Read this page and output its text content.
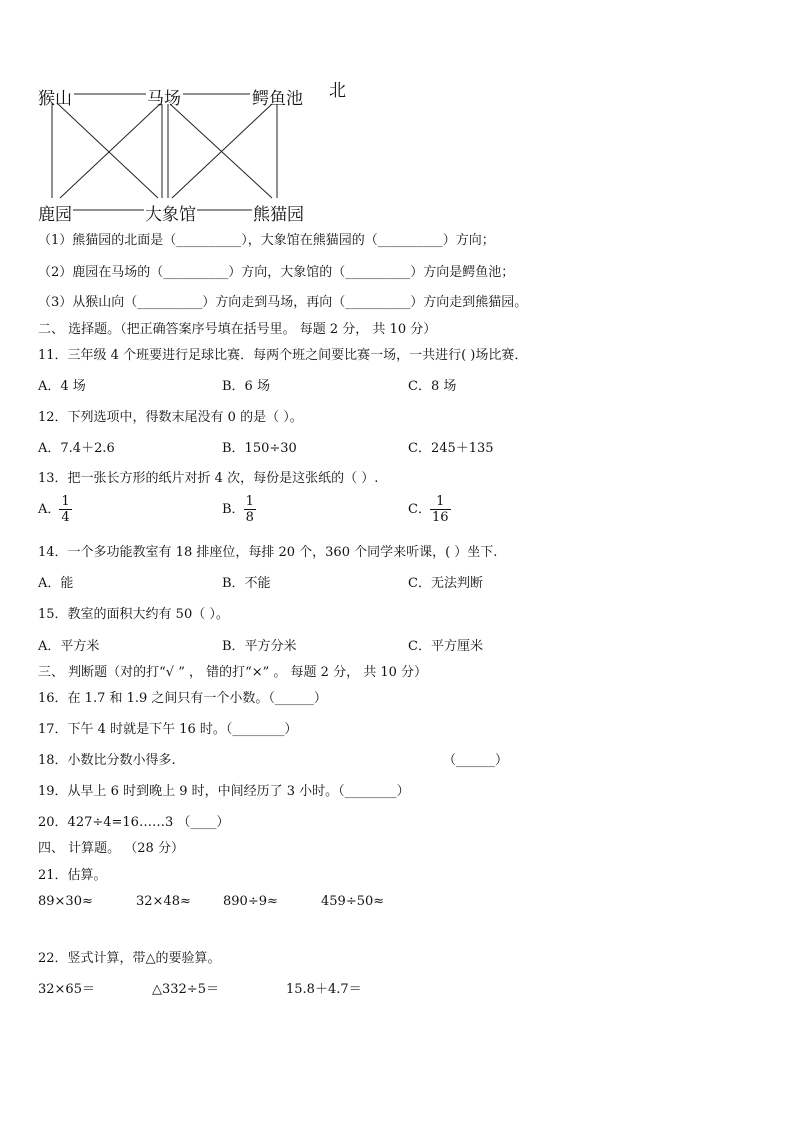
猴山	马场	鳄鱼池 北
鹿园	大象馆	熊猫园
（1）熊猫园的北面是（__________），大象馆在熊猫园的（__________）方向；
（2）鹿园在马场的（__________）方向，大象馆的（__________）方向是鳄鱼池；
（3）从猴山向（__________）方向走到马场，再向（__________）方向走到熊猫园。
二、 选择题。（把正确答案序号填在括号里。 每题 2 分， 共 10 分）
11．三年级 4 个班要进行足球比赛．每两个班之间要比赛一场，一共进行( )场比赛．
A．4 场	B．6 场	C．8 场
12．下列选项中，得数末尾没有 0 的是（ ）。
A．7.4＋2.6	B．150÷30	C．245＋135
13．把一张长方形的纸片对折 4 次，每份是这张纸的（ ）.
A． $\frac{1}{4}$	B． $\frac{1}{8}$	C． $\frac{1}{16}$
14．一个多功能教室有 18 排座位，每排 20 个，360 个同学来听课，( ）坐下.
A．能	B．不能	C．无法判断
15．教室的面积大约有 50（ ）。
A．平方米	B．平方分米	C．平方厘米
三、 判断题（对的打“√ ” ， 错的打“×” 。 每题 2 分， 共 10 分）
16．在 1.7 和 1.9 之间只有一个小数。（______）
17．下午 4 时就是下午 16 时。（________）
18．小数比分数小得多.	（______）
19．从早上 6 时到晚上 9 时，中间经历了 3 小时。（________）
20．427÷4=16……3 （____）
四、 计算题。 （28 分）
21．估算。
89×30≈	32×48≈ 890÷9≈	459÷50≈
22．竖式计算，带△的要验算。
32×65＝	△332÷5＝	15.8＋4.7＝
